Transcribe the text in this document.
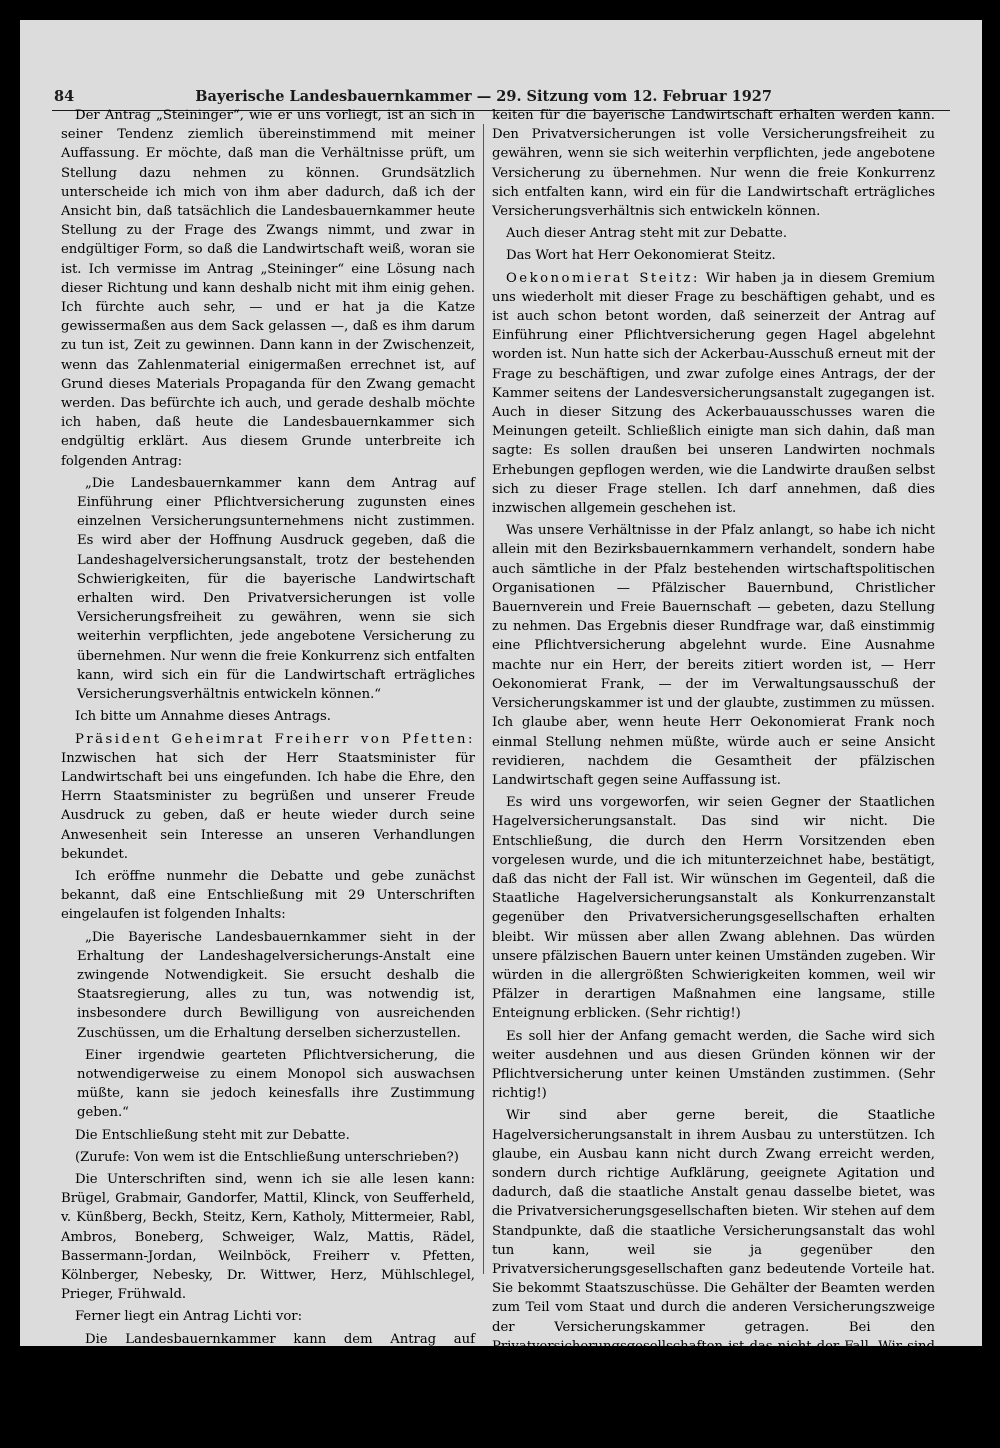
84	Bayerische Landesbauernkammer — 29. Sitzung vom 12. Februar 1927

Der Antrag „Steininger“, wie er uns vorliegt, ist an sich in seiner Tendenz ziemlich übereinstimmend mit meiner Auffassung. Er möchte, daß man die Verhältnisse prüft, um Stellung dazu nehmen zu können. Grundsätzlich unterscheide ich mich von ihm aber dadurch, daß ich der Ansicht bin, daß tatsächlich die Landesbauernkammer heute Stellung zu der Frage des Zwangs nimmt, und zwar in endgültiger Form, so daß die Landwirtschaft weiß, woran sie ist. Ich vermisse im Antrag „Steininger“ eine Lösung nach dieser Richtung und kann deshalb nicht mit ihm einig gehen. Ich fürchte auch sehr, — und er hat ja die Katze gewissermaßen aus dem Sack gelassen —, daß es ihm darum zu tun ist, Zeit zu gewinnen. Dann kann in der Zwischenzeit, wenn das Zahlenmaterial einigermaßen errechnet ist, auf Grund dieses Materials Propaganda für den Zwang gemacht werden. Das befürchte ich auch, und gerade deshalb möchte ich haben, daß heute die Landesbauernkammer sich endgültig erklärt. Aus diesem Grunde unterbreite ich folgenden Antrag:

„Die Landesbauernkammer kann dem Antrag auf Einführung einer Pflichtversicherung zugunsten eines einzelnen Versicherungsunternehmens nicht zustimmen. Es wird aber der Hoffnung Ausdruck gegeben, daß die Landeshagelversicherungsanstalt, trotz der bestehenden Schwierigkeiten, für die bayerische Landwirtschaft erhalten wird. Den Privatversicherungen ist volle Versicherungsfreiheit zu gewähren, wenn sie sich weiterhin verpflichten, jede angebotene Versicherung zu übernehmen. Nur wenn die freie Konkurrenz sich entfalten kann, wird sich ein für die Landwirtschaft erträgliches Versicherungsverhältnis entwickeln können.“

Ich bitte um Annahme dieses Antrags.

Präsident Geheimrat Freiherr von Pfetten: Inzwischen hat sich der Herr Staatsminister für Landwirtschaft bei uns eingefunden. Ich habe die Ehre, den Herrn Staatsminister zu begrüßen und unserer Freude Ausdruck zu geben, daß er heute wieder durch seine Anwesenheit sein Interesse an unseren Verhandlungen bekundet.

Ich eröffne nunmehr die Debatte und gebe zunächst bekannt, daß eine Entschließung mit 29 Unterschriften eingelaufen ist folgenden Inhalts:

„Die Bayerische Landesbauernkammer sieht in der Erhaltung der Landeshagelversicherungs-Anstalt eine zwingende Notwendigkeit. Sie ersucht deshalb die Staatsregierung, alles zu tun, was notwendig ist, insbesondere durch Bewilligung von ausreichenden Zuschüssen, um die Erhaltung derselben sicherzustellen.

Einer irgendwie gearteten Pflichtversicherung, die notwendigerweise zu einem Monopol sich auswachsen müßte, kann sie jedoch keinesfalls ihre Zustimmung geben.“

Die Entschließung steht mit zur Debatte.

(Zurufe: Von wem ist die Entschließung unterschrieben?)

Die Unterschriften sind, wenn ich sie alle lesen kann: Brügel, Grabmair, Gandorfer, Mattil, Klinck, von Seufferheld, v. Künßberg, Beckh, Steitz, Kern, Katholy, Mittermeier, Rabl, Ambros, Boneberg, Schweiger, Walz, Mattis, Rädel, Bassermann-Jordan, Weilnböck, Freiherr v. Pfetten, Kölnberger, Nebesky, Dr. Wittwer, Herz, Mühlschlegel, Prieger, Frühwald.

Ferner liegt ein Antrag Lichti vor:

Die Landesbauernkammer kann dem Antrag auf Einführung einer Pflichtversicherung zu Gunsten eines einzelnen Versicherungsunternehmens nicht zustimmen. Es wird aber der Hoffnung Ausdruck gegeben, daß die Landes-Hagelversicherungs-Anstalt trotz der bestehenden Schwierig-

keiten für die bayerische Landwirtschaft erhalten werden kann. Den Privatversicherungen ist volle Versicherungsfreiheit zu gewähren, wenn sie sich weiterhin verpflichten, jede angebotene Versicherung zu übernehmen. Nur wenn die freie Konkurrenz sich entfalten kann, wird ein für die Landwirtschaft erträgliches Versicherungsverhältnis sich entwickeln können.

Auch dieser Antrag steht mit zur Debatte.

Das Wort hat Herr Oekonomierat Steitz.

Oekonomierat Steitz: Wir haben ja in diesem Gremium uns wiederholt mit dieser Frage zu beschäftigen gehabt, und es ist auch schon betont worden, daß seinerzeit der Antrag auf Einführung einer Pflichtversicherung gegen Hagel abgelehnt worden ist. Nun hatte sich der Ackerbau-Ausschuß erneut mit der Frage zu beschäftigen, und zwar zufolge eines Antrags, der der Kammer seitens der Landesversicherungsanstalt zugegangen ist. Auch in dieser Sitzung des Ackerbauausschusses waren die Meinungen geteilt. Schließlich einigte man sich dahin, daß man sagte: Es sollen draußen bei unseren Landwirten nochmals Erhebungen gepflogen werden, wie die Landwirte draußen selbst sich zu dieser Frage stellen. Ich darf annehmen, daß dies inzwischen allgemein geschehen ist.

Was unsere Verhältnisse in der Pfalz anlangt, so habe ich nicht allein mit den Bezirksbauernkammern verhandelt, sondern habe auch sämtliche in der Pfalz bestehenden wirtschaftspolitischen Organisationen — Pfälzischer Bauernbund, Christlicher Bauernverein und Freie Bauernschaft — gebeten, dazu Stellung zu nehmen. Das Ergebnis dieser Rundfrage war, daß einstimmig eine Pflichtversicherung abgelehnt wurde. Eine Ausnahme machte nur ein Herr, der bereits zitiert worden ist, — Herr Oekonomierat Frank, — der im Verwaltungsausschuß der Versicherungskammer ist und der glaubte, zustimmen zu müssen. Ich glaube aber, wenn heute Herr Oekonomierat Frank noch einmal Stellung nehmen müßte, würde auch er seine Ansicht revidieren, nachdem die Gesamtheit der pfälzischen Landwirtschaft gegen seine Auffassung ist.

Es wird uns vorgeworfen, wir seien Gegner der Staatlichen Hagelversicherungsanstalt. Das sind wir nicht. Die Entschließung, die durch den Herrn Vorsitzenden eben vorgelesen wurde, und die ich mitunterzeichnet habe, bestätigt, daß das nicht der Fall ist. Wir wünschen im Gegenteil, daß die Staatliche Hagelversicherungsanstalt als Konkurrenzanstalt gegenüber den Privatversicherungsgesellschaften erhalten bleibt. Wir müssen aber allen Zwang ablehnen. Das würden unsere pfälzischen Bauern unter keinen Umständen zugeben. Wir würden in die allergrößten Schwierigkeiten kommen, weil wir Pfälzer in derartigen Maßnahmen eine langsame, stille Enteignung erblicken. (Sehr richtig!)

Es soll hier der Anfang gemacht werden, die Sache wird sich weiter ausdehnen und aus diesen Gründen können wir der Pflichtversicherung unter keinen Umständen zustimmen. (Sehr richtig!)

Wir sind aber gerne bereit, die Staatliche Hagelversicherungsanstalt in ihrem Ausbau zu unterstützen. Ich glaube, ein Ausbau kann nicht durch Zwang erreicht werden, sondern durch richtige Aufklärung, geeignete Agitation und dadurch, daß die staatliche Anstalt genau dasselbe bietet, was die Privatversicherungsgesellschaften bieten. Wir stehen auf dem Standpunkte, daß die staatliche Versicherungsanstalt das wohl tun kann, weil sie ja gegenüber den Privatversicherungsgesellschaften ganz bedeutende Vorteile hat. Sie bekommt Staatszuschüsse. Die Gehälter der Beamten werden zum Teil vom Staat und durch die anderen Versicherungszweige der Versicherungskammer getragen. Bei den Privatversicherungsgesellschaften ist das nicht der Fall. Wir sind sehr gerne bereit,
